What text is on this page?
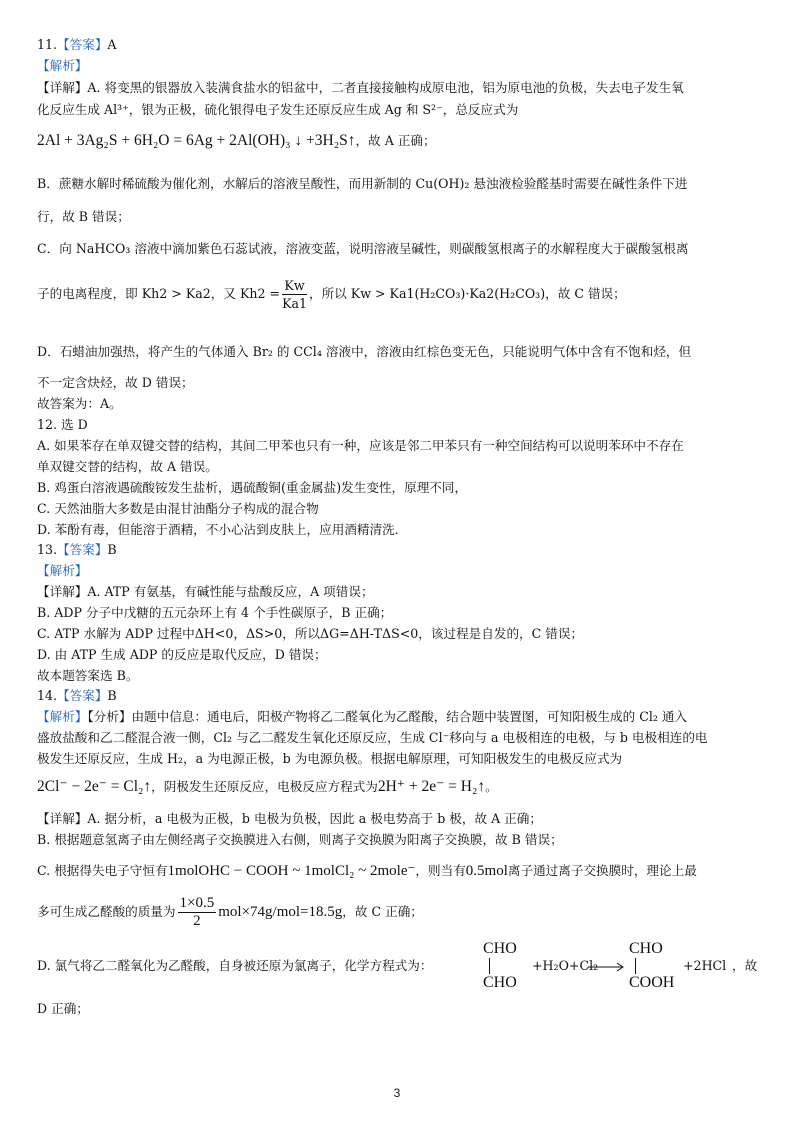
11.【答案】A
【解析】
【详解】A. 将变黑的银器放入装满食盐水的铝盆中，二者直接接触构成原电池，铝为原电池的负极，失去电子发生氧
化反应生成 Al³⁺，银为正极，硫化银得电子发生还原反应生成 Ag 和 S²⁻，总反应式为
2Al + 3Ag₂S + 6H₂O = 6Ag + 2Al(OH)₃ ↓ +3H₂S↑，故 A 正确；
B．蔗糖水解时稀硫酸为催化剂，水解后的溶液呈酸性，而用新制的 Cu(OH)₂ 悬浊液检验醛基时需要在碱性条件下进
行，故 B 错误；
C．向 NaHCO₃ 溶液中滴加紫色石蕊试液，溶液变蓝，说明溶液呈碱性，则碳酸氢根离子的水解程度大于碳酸氢根离
子的电离程度，即 Kh2 > Ka2，又 $Kh2 = \frac{Kw}{Ka1}$ ，所以 Kw > Ka1(H₂CO₃)·Ka2(H₂CO₃)，故 C 错误；
D．石蜡油加强热，将产生的气体通入 Br₂ 的 CCl₄ 溶液中，溶液由红棕色变无色，只能说明气体中含有不饱和烃，但
不一定含炔烃，故 D 错误；
故答案为：A。
12. 选 D
A. 如果苯存在单双键交替的结构，其间二甲苯也只有一种，应该是邻二甲苯只有一种空间结构可以说明苯环中不存在
单双键交替的结构，故 A 错误。
B. 鸡蛋白溶液遇硫酸铵发生盐析，遇硫酸铜(重金属盐)发生变性，原理不同，
C. 天然油脂大多数是由混甘油酯分子构成的混合物
D. 苯酚有毒，但能溶于酒精，不小心沾到皮肤上，应用酒精清洗．
13.【答案】B
【解析】
【详解】A. ATP 有氨基，有碱性能与盐酸反应，A 项错误；
B. ADP 分子中戊糖的五元杂环上有 4 个手性碳原子，B 正确；
C. ATP 水解为 ADP 过程中ΔH<0，ΔS>0，所以ΔG=ΔH-TΔS<0，该过程是自发的，C 错误；
D. 由 ATP 生成 ADP 的反应是取代反应，D 错误；
故本题答案选 B。
14.【答案】B
【解析】【分析】由题中信息：通电后，阳极产物将乙二醛氧化为乙醛酸，结合题中装置图，可知阳极生成的 Cl₂ 通入
盛放盐酸和乙二醛混合液一侧，Cl₂ 与乙二醛发生氧化还原反应，生成 Cl⁻移向与 a 电极相连的电极，与 b 电极相连的电
极发生还原反应，生成 H₂，a 为电源正极，b 为电源负极。根据电解原理，可知阳极发生的电极反应式为
2Cl⁻ − 2e⁻ = Cl₂↑，阴极发生还原反应，电极反应方程式为2H⁺ + 2e⁻ = H₂↑。
【详解】A. 据分析，a 电极为正极，b 电极为负极，因此 a 极电势高于 b 极，故 A 正确；
B. 根据题意氢离子由左侧经离子交换膜进入右侧，则离子交换膜为阳离子交换膜，故 B 错误；
C. 根据得失电子守恒有1molOHC − COOH ~ 1molCl₂ ~ 2mole⁻，则当有0.5mol离子通过离子交换膜时，理论上最
多可生成乙醛酸的质量为 $\frac{1\times 0.5}{2} mol\times 74g/mol=18.5g$，故 C 正确；
D. 氯气将乙二醛氧化为乙醛酸，自身被还原为氯离子，化学方程式为：
CHO
CHO
+H₂O+Cl₂
CHO
COOH
+2HCl ，故
D 正确；
3
